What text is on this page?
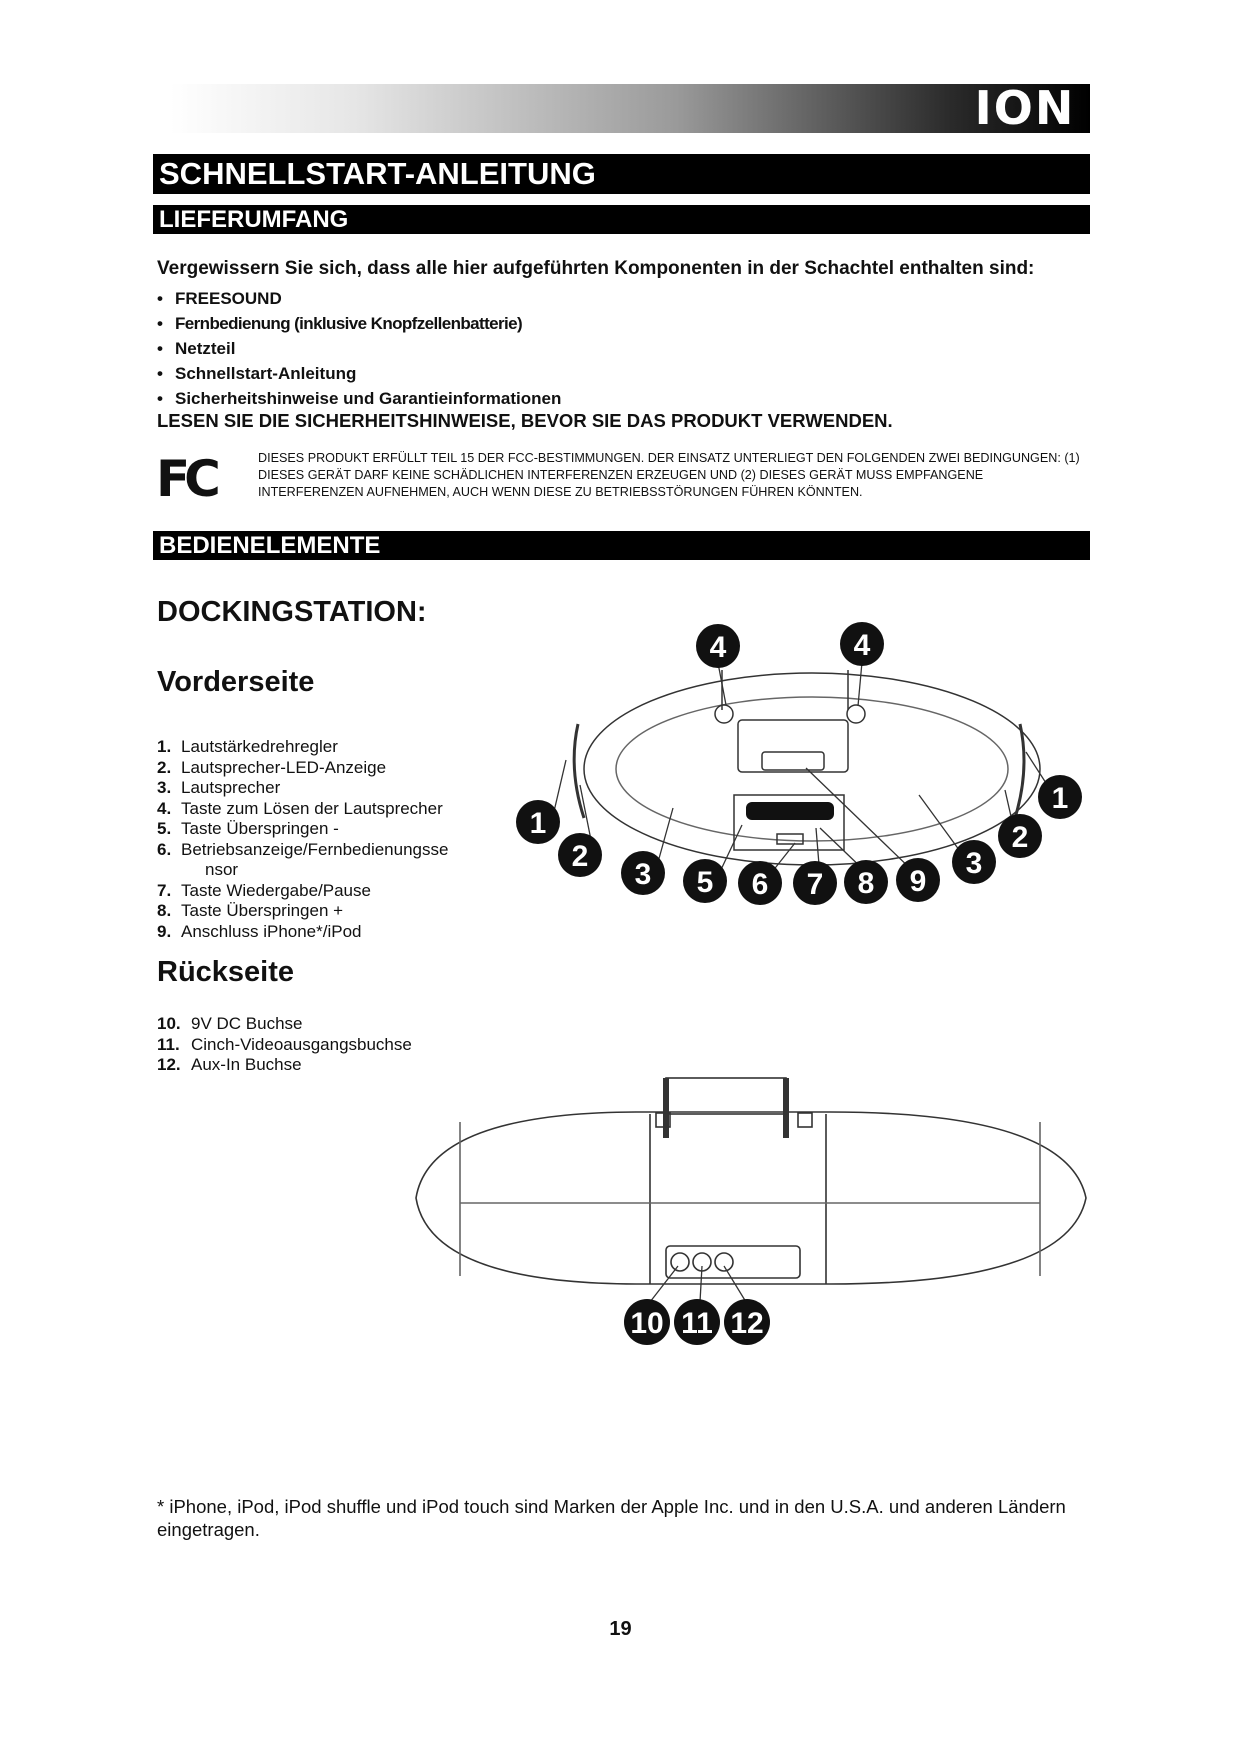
ION
SCHNELLSTART-ANLEITUNG
LIEFERUMFANG
Vergewissern Sie sich, dass alle hier aufgeführten Komponenten in der Schachtel enthalten sind:
• FREESOUND
• Fernbedienung (inklusive Knopfzellenbatterie)
• Netzteil
• Schnellstart-Anleitung
• Sicherheitshinweise und Garantieinformationen
LESEN SIE DIE SICHERHEITSHINWEISE, BEVOR SIE DAS PRODUKT VERWENDEN.
FC	DIESES PRODUKT ERFÜLLT TEIL 15 DER FCC-BESTIMMUNGEN. DER EINSATZ UNTERLIEGT DEN FOLGENDEN ZWEI BEDINGUNGEN: (1) DIESES GERÄT DARF KEINE SCHÄDLICHEN INTERFERENZEN ERZEUGEN UND (2) DIESES GERÄT MUSS EMPFANGENE INTERFERENZEN AUFNEHMEN, AUCH WENN DIESE ZU BETRIEBSSTÖRUNGEN FÜHREN KÖNNTEN.
BEDIENELEMENTE
DOCKINGSTATION:
Vorderseite
1. Lautstärkedrehregler
2. Lautsprecher-LED-Anzeige
3. Lautsprecher
4. Taste zum Lösen der Lautsprecher
5. Taste Überspringen -
6. Betriebsanzeige/Fernbedienungsse
nsor
7. Taste Wiedergabe/Pause
8. Taste Überspringen +
9. Anschluss iPhone*/iPod
Rückseite
10. 9V DC Buchse
11. Cinch-Videoausgangsbuchse
12. Aux-In Buchse
4	4
1
2
3 5 6 7 8 9
3
2
1
10 11 12
* iPhone, iPod, iPod shuffle und iPod touch sind Marken der Apple Inc. und in den U.S.A. und anderen Ländern eingetragen.
19
